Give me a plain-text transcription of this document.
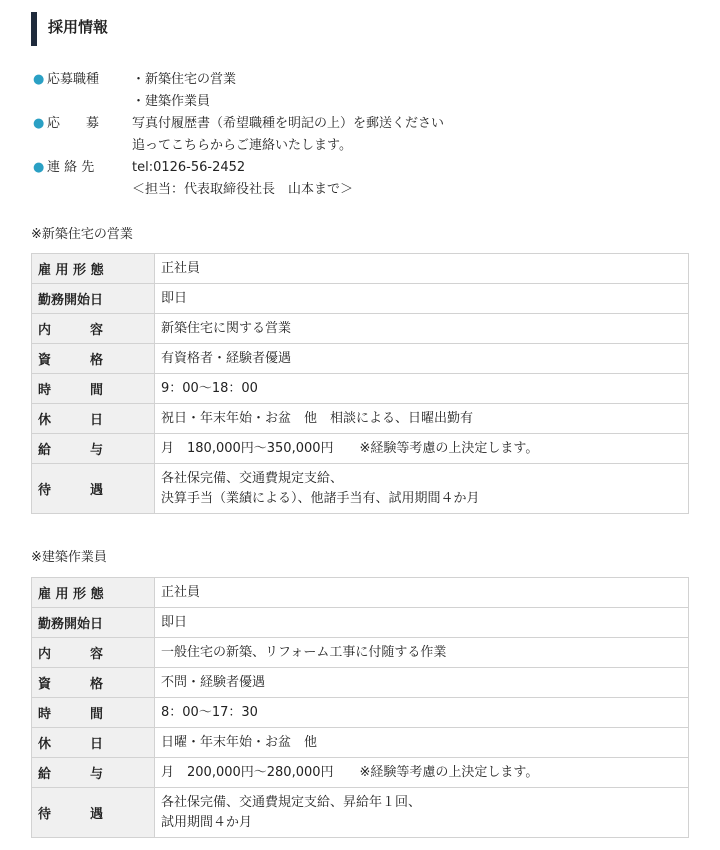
採用情報
● 応募職種	・新築住宅の営業
・建築作業員
● 応　　募	写真付履歴書（希望職種を明記の上）を郵送ください
追ってこちらからご連絡いたします。
● 連 絡 先	tel:0126-56-2452
＜担当：代表取締役社長　山本まで＞
※新築住宅の営業
雇 用 形 態	正社員
勤務開始日	即日
内　　　容	新築住宅に関する営業
資　　　格	有資格者・経験者優遇
時　　　間	9：00～18：00
休　　　日	祝日・年末年始・お盆　他　相談による、日曜出勤有
給　　　与	月　180,000円～350,000円　　※経験等考慮の上決定します。
待　　　遇	各社保完備、交通費規定支給、
決算手当（業績による）、他諸手当有、試用期間４か月
※建築作業員
雇 用 形 態	正社員
勤務開始日	即日
内　　　容	一般住宅の新築、リフォーム工事に付随する作業
資　　　格	不問・経験者優遇
時　　　間	8：00～17：30
休　　　日	日曜・年末年始・お盆　他
給　　　与	月　200,000円～280,000円　　※経験等考慮の上決定します。
待　　　遇	各社保完備、交通費規定支給、昇給年１回、
試用期間４か月
